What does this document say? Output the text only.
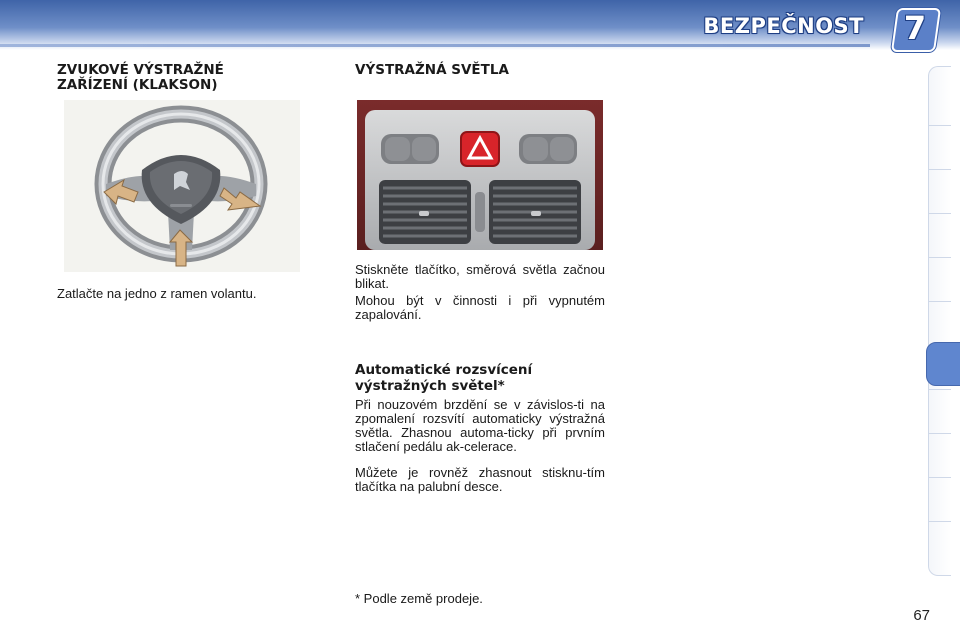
BEZPEČNOST 7
ZVUKOVÉ VÝSTRAŽNÉ
ZAŘÍZENÍ (KLAKSON)
Zatlačte na jedno z ramen volantu.
VÝSTRAŽNÁ SVĚTLA
Stiskněte tlačítko, směrová světla začnou blikat.
Mohou být v činnosti i při vypnutém zapalování.
Automatické rozsvícení
výstražných světel*
Při nouzovém brzdění se v závislos-ti na zpomalení rozsvítí automaticky výstražná světla. Zhasnou automa-ticky při prvním stlačení pedálu ak-celerace.
Můžete je rovněž zhasnout stisknu-tím tlačítka na palubní desce.
* Podle země prodeje.
67
